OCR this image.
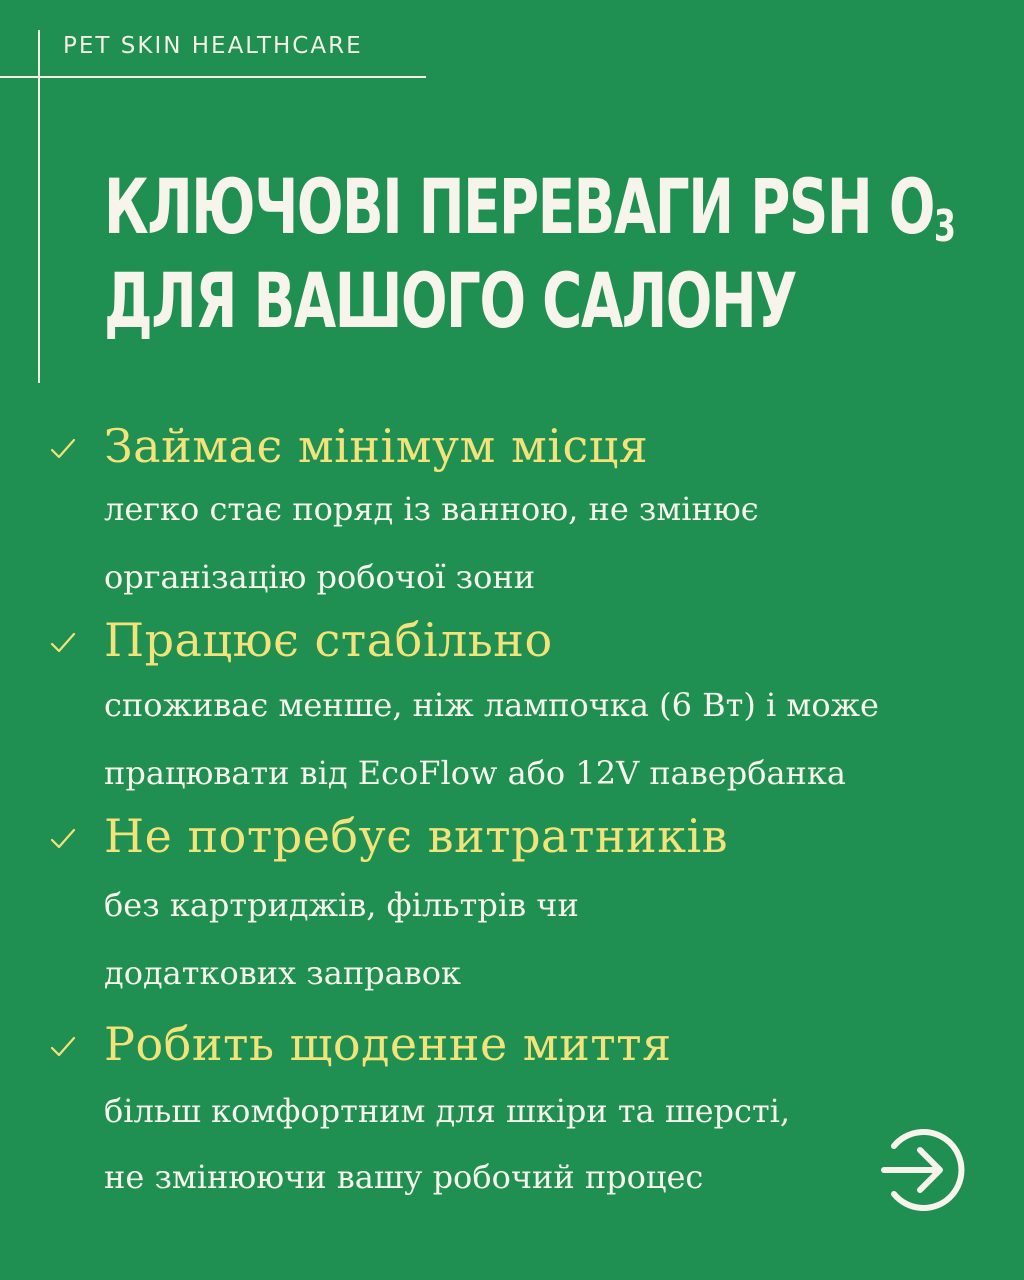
PET SKIN HEALTHCARE
КЛЮЧОВІ ПЕРЕВАГИ PSH $O_3$
ДЛЯ ВАШОГО САЛОНУ
Займає мінімум місця
легко стає поряд із ванною, не змінює
організацію робочої зони
Працює стабільно
споживає менше, ніж лампочка (6 Вт) і може
працювати від EcoFlow або 12V павербанка
Не потребує витратників
без картриджів, фільтрів чи
додаткових заправок
Робить щоденне миття
більш комфортним для шкіри та шерсті,
не змінюючи вашу робочий процес
